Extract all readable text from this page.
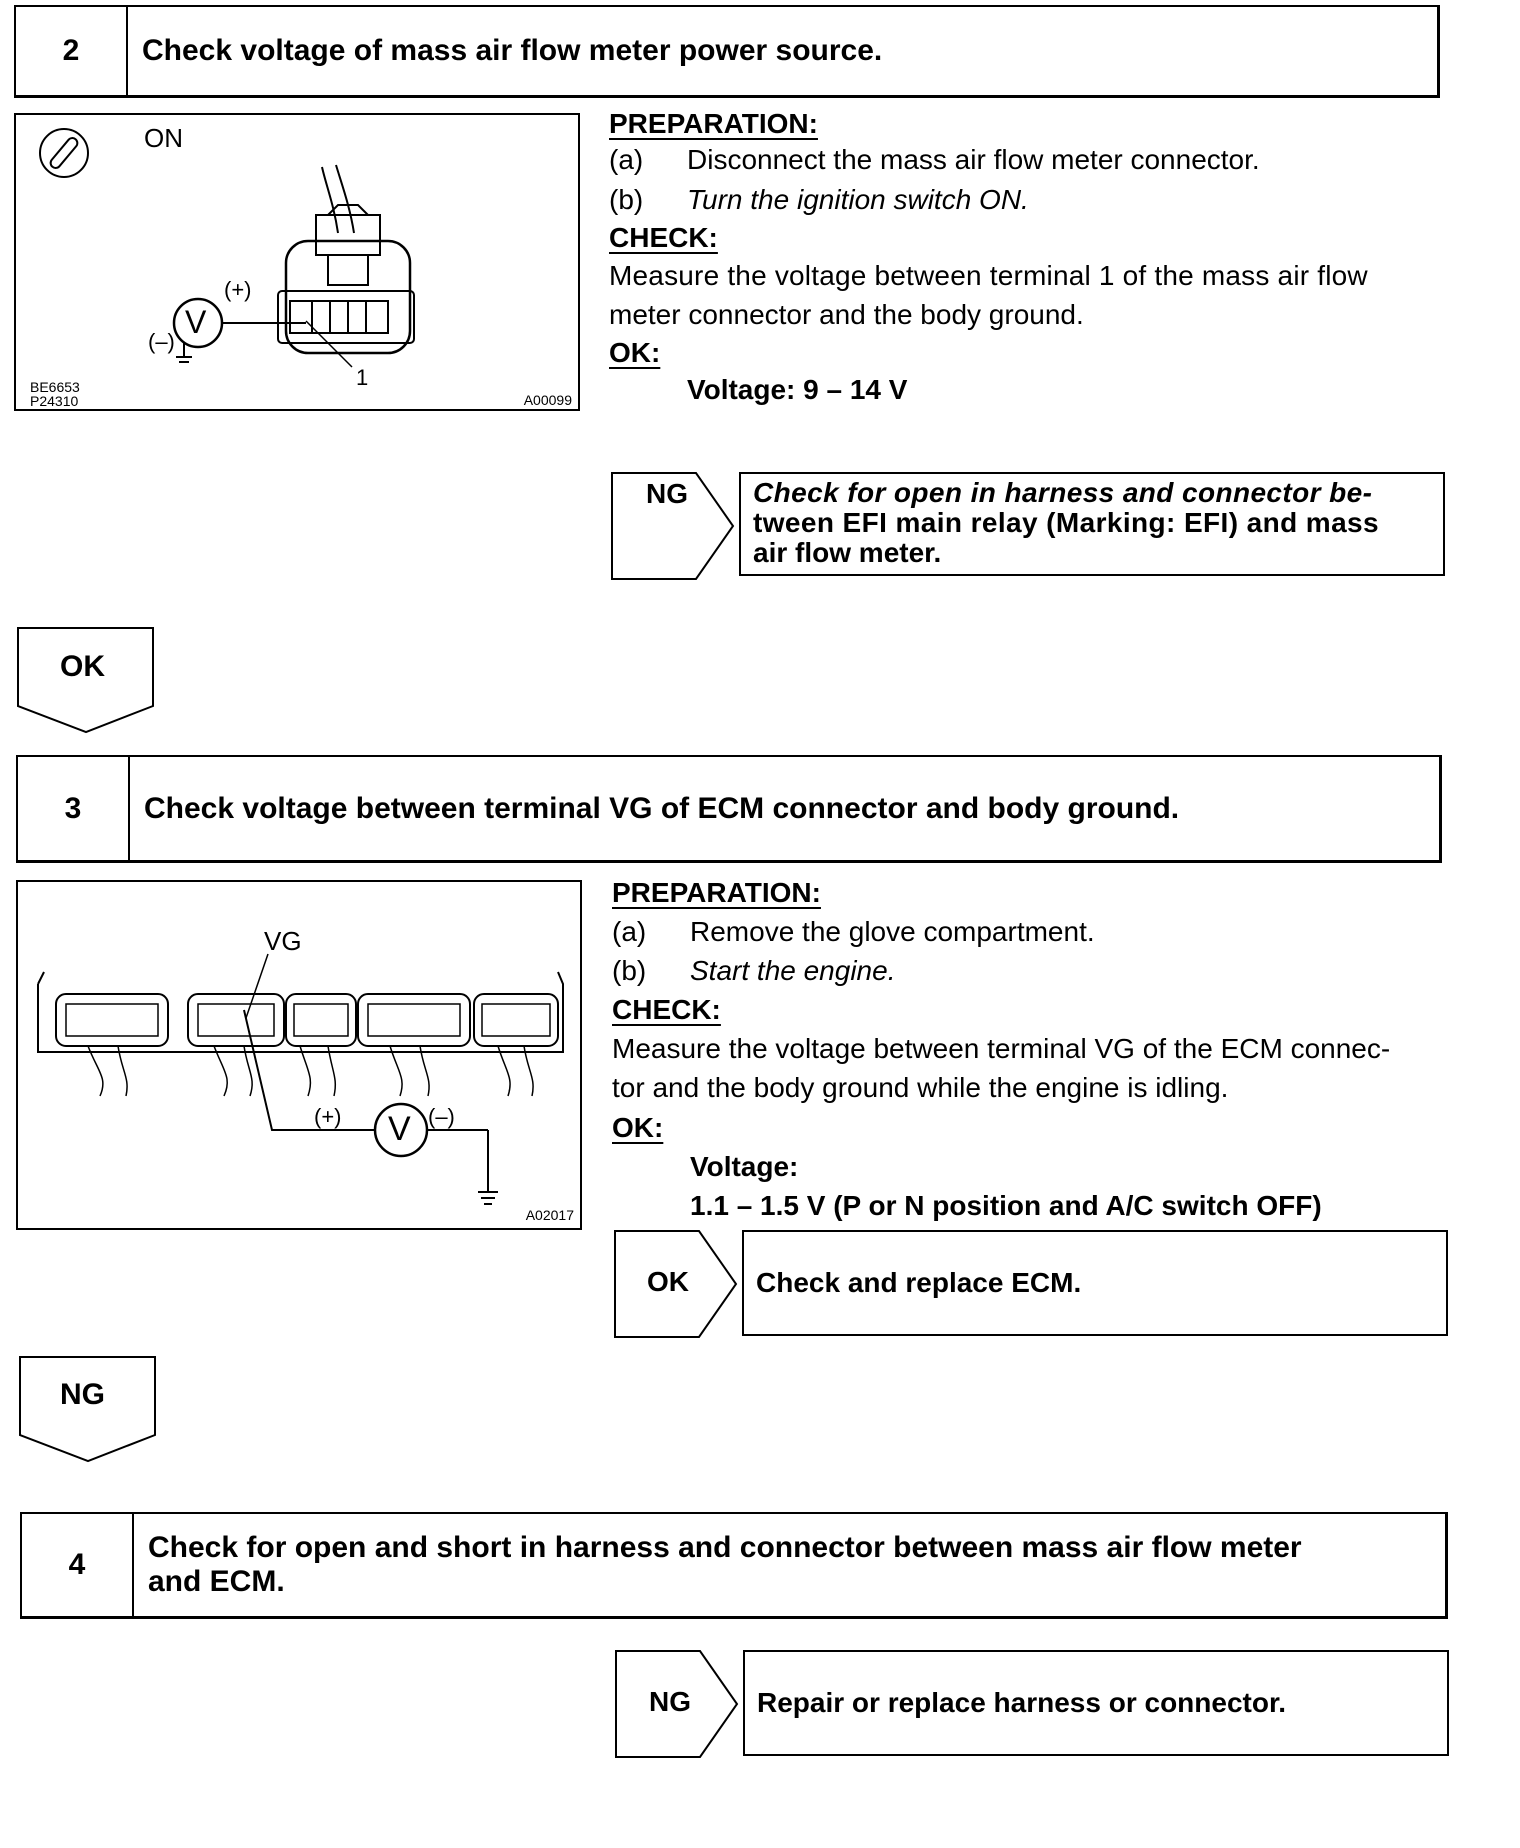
2	Check voltage of mass air flow meter power source.
ON
(+)
(–)
V
1
BE6653
P24310	A00099
PREPARATION:
(a) Disconnect the mass air flow meter connector.
(b) Turn the ignition switch ON.
CHECK:
Measure the voltage between terminal 1 of the mass air flow
meter connector and the body ground.
OK:
Voltage: 9 – 14 V
NG Check for open in harness and connector be-
tween EFI main relay (Marking: EFI) and mass
air flow meter.
OK
3	Check voltage between terminal VG of ECM connector and body ground.
VG
(+)	(–)
V
A02017
PREPARATION:
(a) Remove the glove compartment.
(b) Start the engine.
CHECK:
Measure the voltage between terminal VG of the ECM connec-
tor and the body ground while the engine is idling.
OK:
Voltage:
1.1 – 1.5 V (P or N position and A/C switch OFF)
OK Check and replace ECM.
NG
4
Check for open and short in harness and connector between mass air flow meter
and ECM.
NG Repair or replace harness or connector.
